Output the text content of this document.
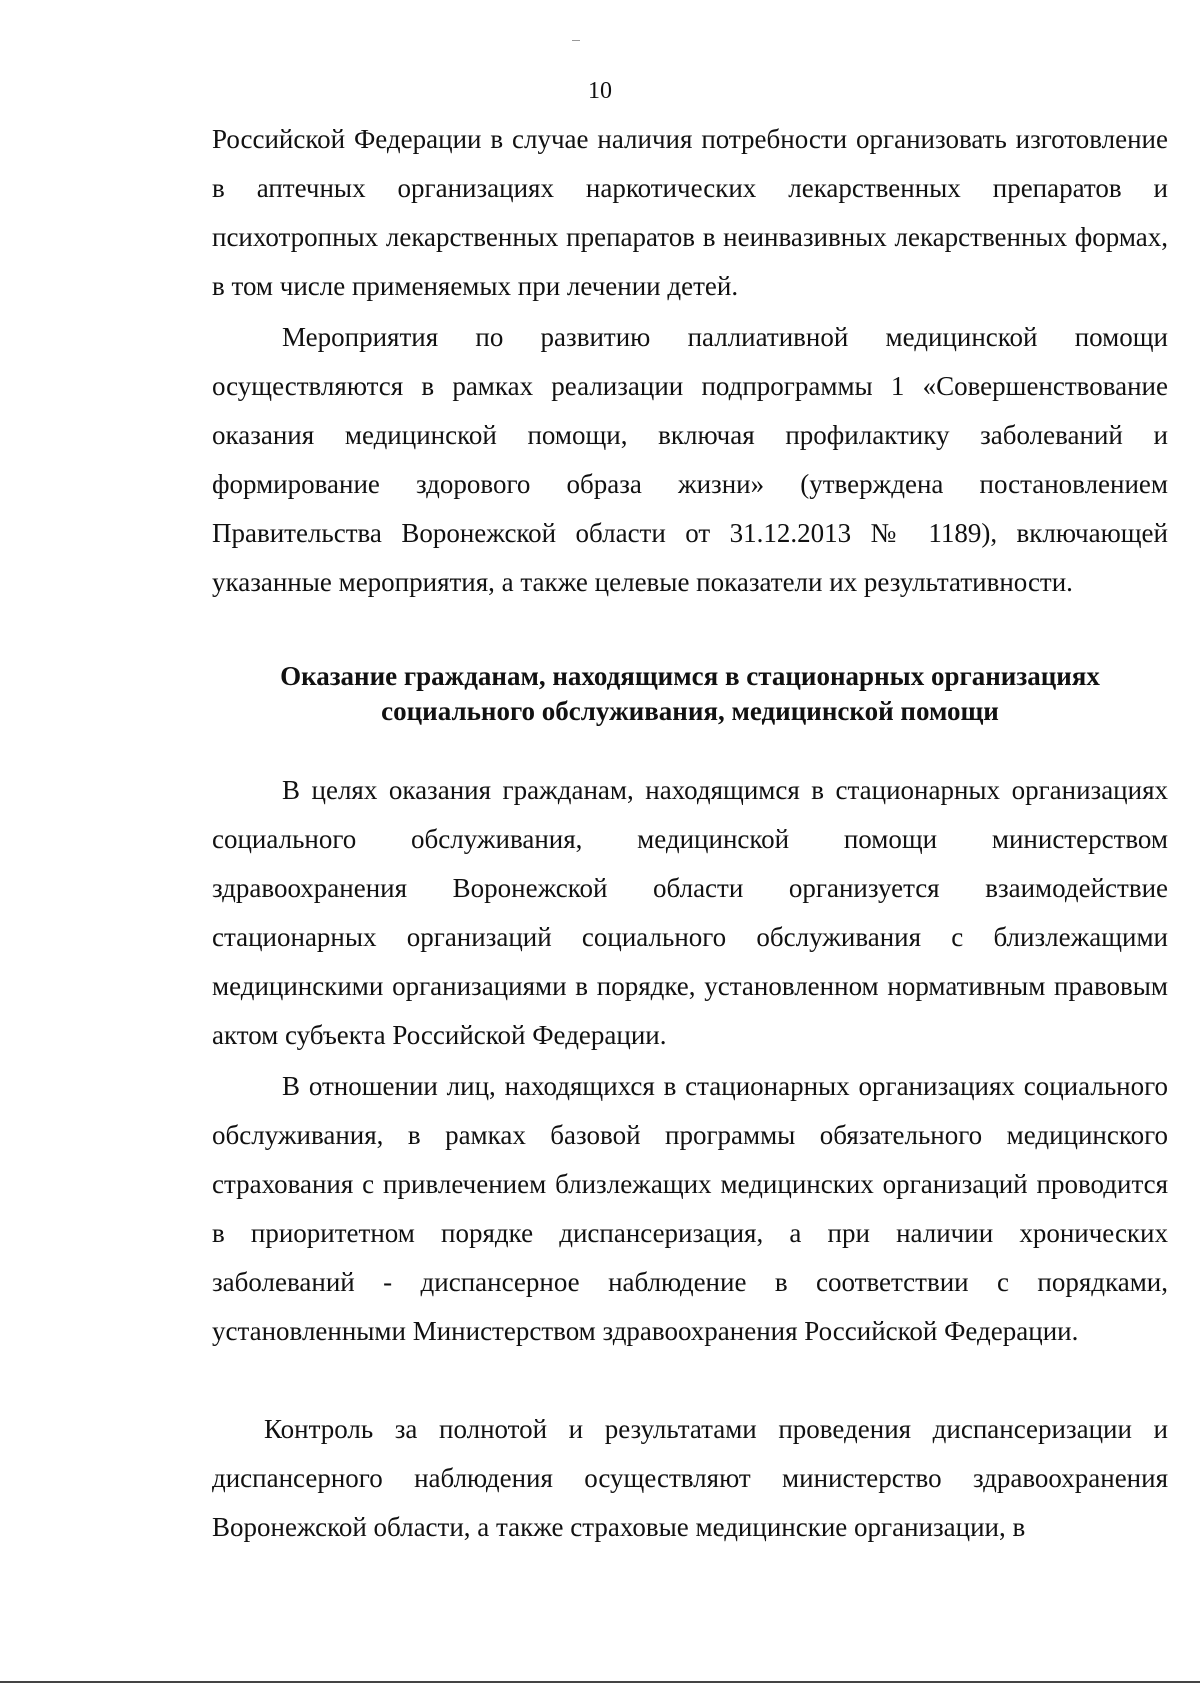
10

Российской Федерации в случае наличия потребности организовать изготовление в аптечных организациях наркотических лекарственных препаратов и психотропных лекарственных препаратов в неинвазивных лекарственных формах, в том числе применяемых при лечении детей.

Мероприятия по развитию паллиативной медицинской помощи осуществляются в рамках реализации подпрограммы 1 «Совершенствование оказания медицинской помощи, включая профилактику заболеваний и формирование здорового образа жизни» (утверждена постановлением Правительства Воронежской области от 31.12.2013 № 1189), включающей указанные мероприятия, а также целевые показатели их результативности.

Оказание гражданам, находящимся в стационарных организациях
социального обслуживания, медицинской помощи

В целях оказания гражданам, находящимся в стационарных организациях социального обслуживания, медицинской помощи министерством здравоохранения Воронежской области организуется взаимодействие стационарных организаций социального обслуживания с близлежащими медицинскими организациями в порядке, установленном нормативным правовым актом субъекта Российской Федерации.

В отношении лиц, находящихся в стационарных организациях социального обслуживания, в рамках базовой программы обязательного медицинского страхования с привлечением близлежащих медицинских организаций проводится в приоритетном порядке диспансеризация, а при наличии хронических заболеваний - диспансерное наблюдение в соответствии с порядками, установленными Министерством здравоохранения Российской Федерации.

Контроль за полнотой и результатами проведения диспансеризации и диспансерного наблюдения осуществляют министерство здравоохранения Воронежской области, а также страховые медицинские организации, в
